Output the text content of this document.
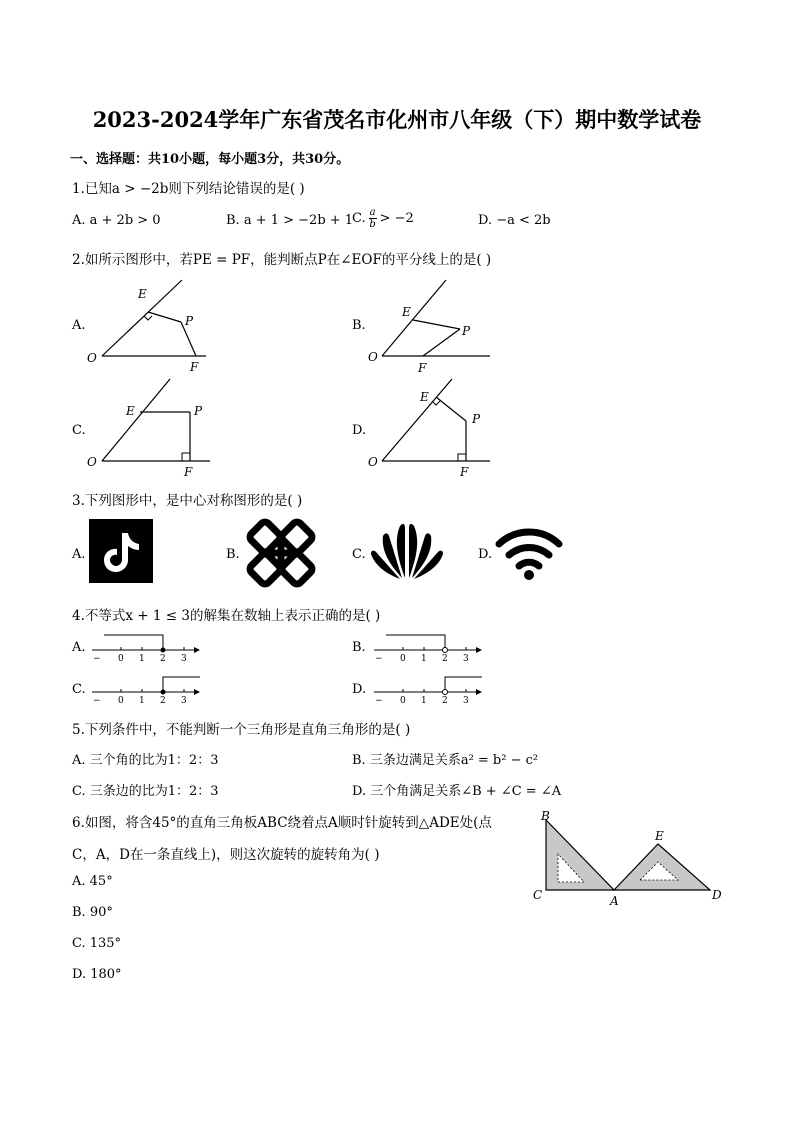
2023-2024学年广东省茂名市化州市八年级（下）期中数学试卷
一、选择题：共10小题，每小题3分，共30分。
1.已知a > −2b则下列结论错误的是( )
A. a + 2b > 0	B. a + 1 > −2b + 1
C. $\frac{a}{b} > -2$	D. −a < 2b
2.如所示图形中，若PE = PF，能判断点P在∠EOF的平分线上的是( )
A.
O
E
P
F
B.
O
E
P
F
C.
O
E	P
F
D.
O
E
P
F
3.下列图形中，是中心对称图形的是( )
A.	B.	C.	D.
4.不等式x + 1 ≤ 3的解集在数轴上表示正确的是( )
A.
− 0 1 2 3
B.
− 0 1 2 3
C.
− 0 1 2 3
D.
− 0 1 2 3
5.下列条件中，不能判断一个三角形是直角三角形的是( )
A. 三个角的比为1：2：3	B. 三条边满足关系a² = b² − c²
C. 三条边的比为1：2：3	D. 三个角满足关系∠B + ∠C = ∠A
6.如图，将含45°的直角三角板ABC绕着点A顺时针旋转到△ADE处(点
C，A，D在一条直线上)，则这次旋转的旋转角为( )
A. 45°
B. 90°
C. 135°
D. 180°
B
C	A
E
D
